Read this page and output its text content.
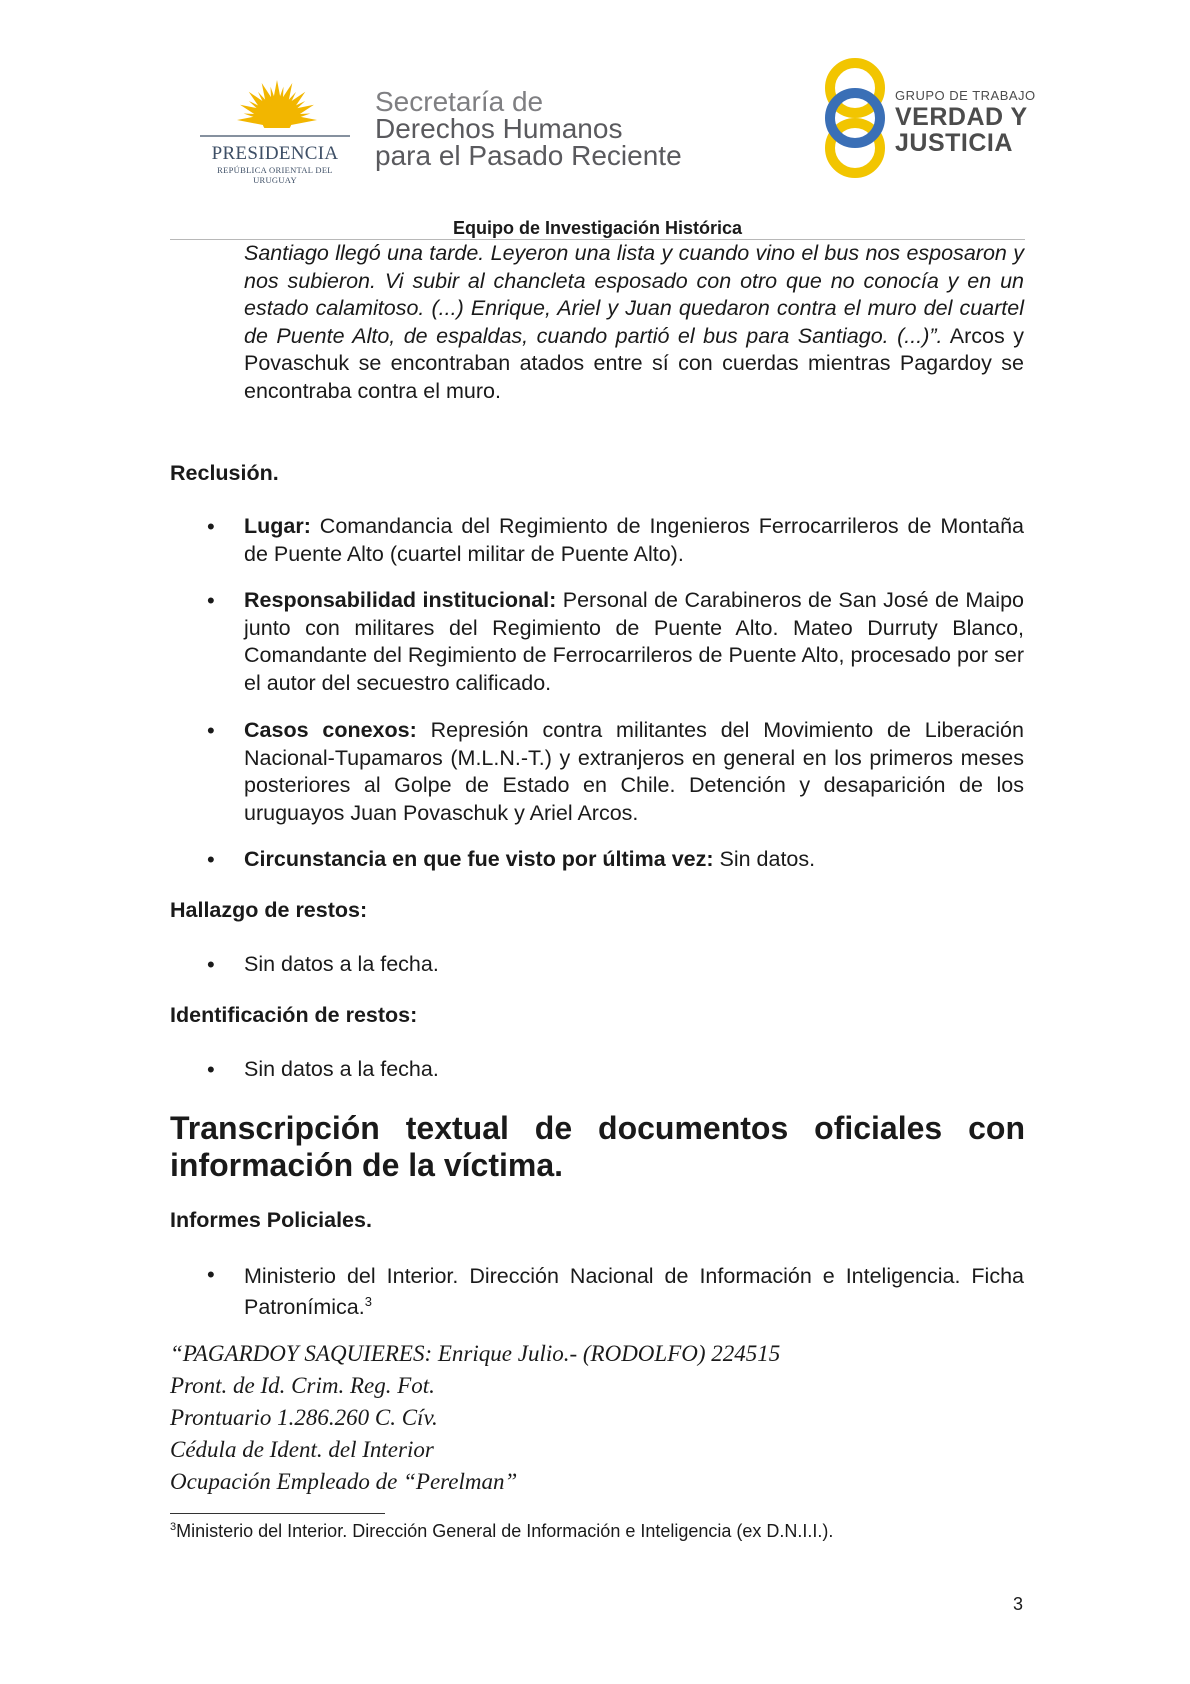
PRESIDENCIA
REPÚBLICA ORIENTAL DEL URUGUAY
Secretaría de
Derechos Humanos
para el Pasado Reciente
GRUPO DE TRABAJO
VERDAD Y
JUSTICIA
Equipo de Investigación Histórica
Santiago llegó una tarde. Leyeron una lista y cuando vino el bus nos esposaron y nos subieron. Vi subir al chancleta esposado con otro que no conocía y en un estado calamitoso. (...) Enrique, Ariel y Juan quedaron contra el muro del cuartel de Puente Alto, de espaldas, cuando partió el bus para Santiago. (...)”. Arcos y Povaschuk se encontraban atados entre sí con cuerdas mientras Pagardoy se encontraba contra el muro.
Reclusión.
• Lugar: Comandancia del Regimiento de Ingenieros Ferrocarrileros de Montaña de Puente Alto (cuartel militar de Puente Alto).
• Responsabilidad institucional: Personal de Carabineros de San José de Maipo junto con militares del Regimiento de Puente Alto. Mateo Durruty Blanco, Comandante del Regimiento de Ferrocarrileros de Puente Alto, procesado por ser el autor del secuestro calificado.
• Casos conexos: Represión contra militantes del Movimiento de Liberación Nacional-Tupamaros (M.L.N.-T.) y extranjeros en general en los primeros meses posteriores al Golpe de Estado en Chile. Detención y desaparición de los uruguayos Juan Povaschuk y Ariel Arcos.
• Circunstancia en que fue visto por última vez: Sin datos.
Hallazgo de restos:
• Sin datos a la fecha.
Identificación de restos:
• Sin datos a la fecha.
Transcripción textual de documentos oficiales con
información de la víctima.
Informes Policiales.
• Ministerio del Interior. Dirección Nacional de Información e Inteligencia. Ficha Patronímica.$^3$
“PAGARDOY SAQUIERES: Enrique Julio.- (RODOLFO) 224515
Pront. de Id. Crim. Reg. Fot.
Prontuario 1.286.260 C. Cív.
Cédula de Ident. del Interior
Ocupación Empleado de “Perelman”
$^3$Ministerio del Interior. Dirección General de Información e Inteligencia (ex D.N.I.I.).
3
